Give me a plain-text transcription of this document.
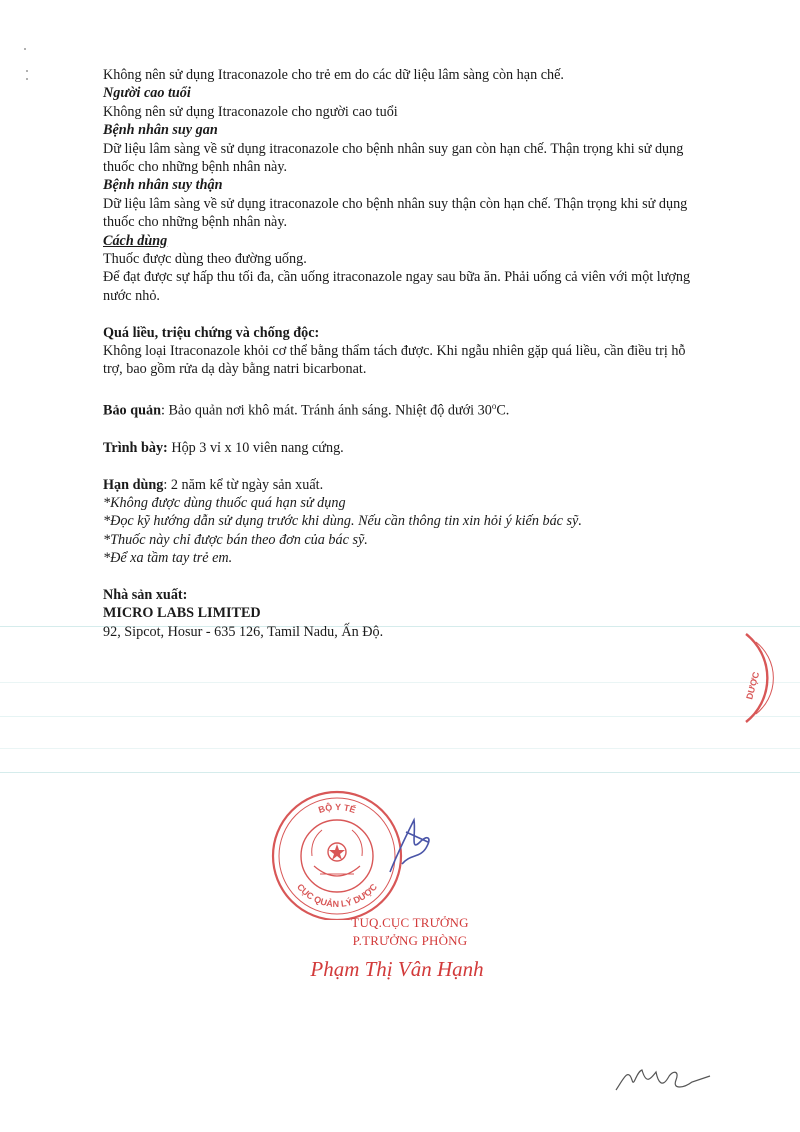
Không nên sử dụng Itraconazole cho trẻ em do các dữ liệu lâm sàng còn hạn chế.

Người cao tuổi

Không nên sử dụng Itraconazole cho người cao tuổi

Bệnh nhân suy gan

Dữ liệu lâm sàng về sử dụng itraconazole cho bệnh nhân suy gan còn hạn chế. Thận trọng khi sử dụng thuốc cho những bệnh nhân này.

Bệnh nhân suy thận

Dữ liệu lâm sàng về sử dụng itraconazole cho bệnh nhân suy thận còn hạn chế. Thận trọng khi sử dụng thuốc cho những bệnh nhân này.

Cách dùng

Thuốc được dùng theo đường uống.

Để đạt được sự hấp thu tối đa, cần uống itraconazole ngay sau bữa ăn. Phải uống cả viên với một lượng nước nhỏ.

Quá liều, triệu chứng và chống độc:

Không loại Itraconazole khỏi cơ thể bằng thẩm tách được. Khi ngẫu nhiên gặp quá liều, cần điều trị hỗ trợ, bao gồm rửa dạ dày bằng natri bicarbonat.

Bảo quản: Bảo quản nơi khô mát. Tránh ánh sáng. Nhiệt độ dưới 30$^o$C.

Trình bày: Hộp 3 vỉ x 10 viên nang cứng.

Hạn dùng: 2 năm kể từ ngày sản xuất.

*Không được dùng thuốc quá hạn sử dụng

*Đọc kỹ hướng dẫn sử dụng trước khi dùng. Nếu cần thông tin xin hỏi ý kiến bác sỹ.

*Thuốc này chỉ được bán theo đơn của bác sỹ.

*Để xa tầm tay trẻ em.

Nhà sản xuất:

MICRO LABS LIMITED

92, Sipcot, Hosur - 635 126, Tamil Nadu, Ấn Độ.

BỘ Y TẾ
CỤC QUẢN LÝ DƯỢC
DƯỢC
TUQ.CỤC TRƯỞNG
P.TRƯỞNG PHÒNG
Phạm Thị Vân Hạnh
